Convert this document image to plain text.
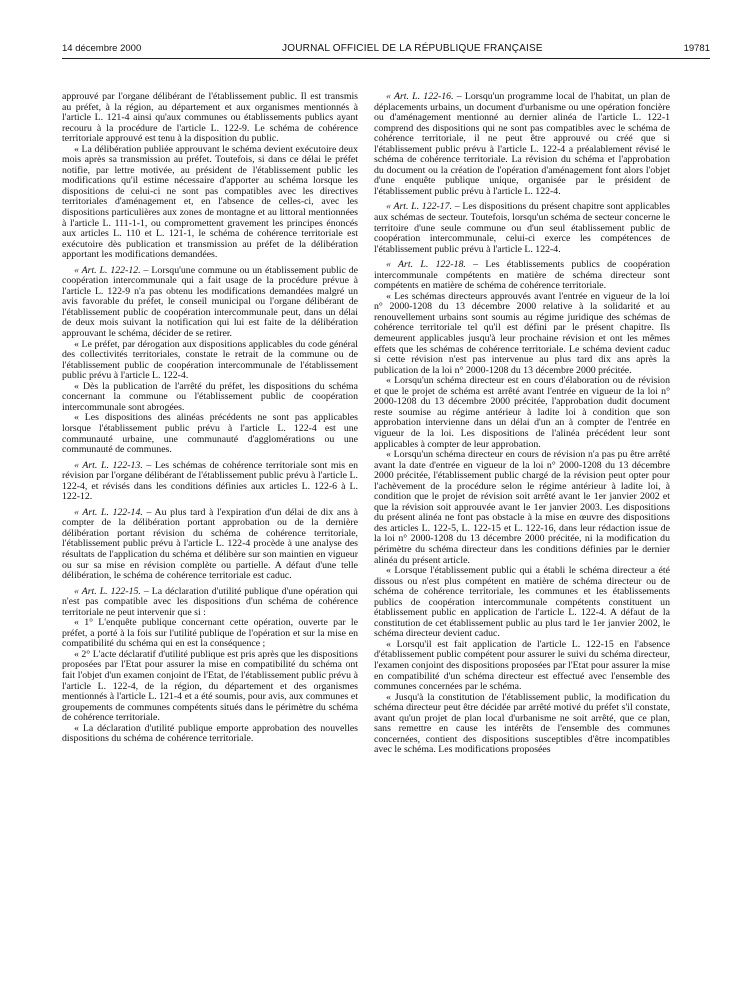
14 décembre 2000	JOURNAL OFFICIEL DE LA RÉPUBLIQUE FRANÇAISE	19781

approuvé par l'organe délibérant de l'établissement public. Il est transmis au préfet, à la région, au département et aux organismes mentionnés à l'article L. 121-4 ainsi qu'aux communes ou établissements publics ayant recouru à la procédure de l'article L. 122-9. Le schéma de cohérence territoriale approuvé est tenu à la disposition du public.

« La délibération publiée approuvant le schéma devient exécutoire deux mois après sa transmission au préfet. Toutefois, si dans ce délai le préfet notifie, par lettre motivée, au président de l'établissement public les modifications qu'il estime nécessaire d'apporter au schéma lorsque les dispositions de celui-ci ne sont pas compatibles avec les directives territoriales d'aménagement et, en l'absence de celles-ci, avec les dispositions particulières aux zones de montagne et au littoral mentionnées à l'article L. 111-1-1, ou compromettent gravement les principes énoncés aux articles L. 110 et L. 121-1, le schéma de cohérence territoriale est exécutoire dès publication et transmission au préfet de la délibération apportant les modifications demandées.

« Art. L. 122-12. – Lorsqu'une commune ou un établissement public de coopération intercommunale qui a fait usage de la procédure prévue à l'article L. 122-9 n'a pas obtenu les modifications demandées malgré un avis favorable du préfet, le conseil municipal ou l'organe délibérant de l'établissement public de coopération intercommunale peut, dans un délai de deux mois suivant la notification qui lui est faite de la délibération approuvant le schéma, décider de se retirer.

« Le préfet, par dérogation aux dispositions applicables du code général des collectivités territoriales, constate le retrait de la commune ou de l'établissement public de coopération intercommunale de l'établissement public prévu à l'article L. 122-4.

« Dès la publication de l'arrêté du préfet, les dispositions du schéma concernant la commune ou l'établissement public de coopération intercommunale sont abrogées.

« Les dispositions des alinéas précédents ne sont pas applicables lorsque l'établissement public prévu à l'article L. 122-4 est une communauté urbaine, une communauté d'agglomérations ou une communauté de communes.

« Art. L. 122-13. – Les schémas de cohérence territoriale sont mis en révision par l'organe délibérant de l'établissement public prévu à l'article L. 122-4, et révisés dans les conditions définies aux articles L. 122-6 à L. 122-12.

« Art. L. 122-14. – Au plus tard à l'expiration d'un délai de dix ans à compter de la délibération portant approbation ou de la dernière délibération portant révision du schéma de cohérence territoriale, l'établissement public prévu à l'article L. 122-4 procède à une analyse des résultats de l'application du schéma et délibère sur son maintien en vigueur ou sur sa mise en révision complète ou partielle. A défaut d'une telle délibération, le schéma de cohérence territoriale est caduc.

« Art. L. 122-15. – La déclaration d'utilité publique d'une opération qui n'est pas compatible avec les dispositions d'un schéma de cohérence territoriale ne peut intervenir que si :

« 1° L'enquête publique concernant cette opération, ouverte par le préfet, a porté à la fois sur l'utilité publique de l'opération et sur la mise en compatibilité du schéma qui en est la conséquence ;

« 2° L'acte déclaratif d'utilité publique est pris après que les dispositions proposées par l'Etat pour assurer la mise en compatibilité du schéma ont fait l'objet d'un examen conjoint de l'Etat, de l'établissement public prévu à l'article L. 122-4, de la région, du département et des organismes mentionnés à l'article L. 121-4 et a été soumis, pour avis, aux communes et groupements de communes compétents situés dans le périmètre du schéma de cohérence territoriale.

« La déclaration d'utilité publique emporte approbation des nouvelles dispositions du schéma de cohérence territoriale.

« Art. L. 122-16. – Lorsqu'un programme local de l'habitat, un plan de déplacements urbains, un document d'urbanisme ou une opération foncière ou d'aménagement mentionné au dernier alinéa de l'article L. 122-1 comprend des dispositions qui ne sont pas compatibles avec le schéma de cohérence territoriale, il ne peut être approuvé ou créé que si l'établissement public prévu à l'article L. 122-4 a préalablement révisé le schéma de cohérence territoriale. La révision du schéma et l'approbation du document ou la création de l'opération d'aménagement font alors l'objet d'une enquête publique unique, organisée par le président de l'établissement public prévu à l'article L. 122-4.

« Art. L. 122-17. – Les dispositions du présent chapitre sont applicables aux schémas de secteur. Toutefois, lorsqu'un schéma de secteur concerne le territoire d'une seule commune ou d'un seul établissement public de coopération intercommunale, celui-ci exerce les compétences de l'établissement public prévu à l'article L. 122-4.

« Art. L. 122-18. – Les établissements publics de coopération intercommunale compétents en matière de schéma directeur sont compétents en matière de schéma de cohérence territoriale.

« Les schémas directeurs approuvés avant l'entrée en vigueur de la loi n° 2000-1208 du 13 décembre 2000 relative à la solidarité et au renouvellement urbains sont soumis au régime juridique des schémas de cohérence territoriale tel qu'il est défini par le présent chapitre. Ils demeurent applicables jusqu'à leur prochaine révision et ont les mêmes effets que les schémas de cohérence territoriale. Le schéma devient caduc si cette révision n'est pas intervenue au plus tard dix ans après la publication de la loi n° 2000-1208 du 13 décembre 2000 précitée.

« Lorsqu'un schéma directeur est en cours d'élaboration ou de révision et que le projet de schéma est arrêté avant l'entrée en vigueur de la loi n° 2000-1208 du 13 décembre 2000 précitée, l'approbation dudit document reste soumise au régime antérieur à ladite loi à condition que son approbation intervienne dans un délai d'un an à compter de l'entrée en vigueur de la loi. Les dispositions de l'alinéa précédent leur sont applicables à compter de leur approbation.

« Lorsqu'un schéma directeur en cours de révision n'a pas pu être arrêté avant la date d'entrée en vigueur de la loi n° 2000-1208 du 13 décembre 2000 précitée, l'établissement public chargé de la révision peut opter pour l'achèvement de la procédure selon le régime antérieur à ladite loi, à condition que le projet de révision soit arrêté avant le 1er janvier 2002 et que la révision soit approuvée avant le 1er janvier 2003. Les dispositions du présent alinéa ne font pas obstacle à la mise en œuvre des dispositions des articles L. 122-5, L. 122-15 et L. 122-16, dans leur rédaction issue de la loi n° 2000-1208 du 13 décembre 2000 précitée, ni la modification du périmètre du schéma directeur dans les conditions définies par le dernier alinéa du présent article.

« Lorsque l'établissement public qui a établi le schéma directeur a été dissous ou n'est plus compétent en matière de schéma directeur ou de schéma de cohérence territoriale, les communes et les établissements publics de coopération intercommunale compétents constituent un établissement public en application de l'article L. 122-4. A défaut de la constitution de cet établissement public au plus tard le 1er janvier 2002, le schéma directeur devient caduc.

« Lorsqu'il est fait application de l'article L. 122-15 en l'absence d'établissement public compétent pour assurer le suivi du schéma directeur, l'examen conjoint des dispositions proposées par l'Etat pour assurer la mise en compatibilité d'un schéma directeur est effectué avec l'ensemble des communes concernées par le schéma.

« Jusqu'à la constitution de l'établissement public, la modification du schéma directeur peut être décidée par arrêté motivé du préfet s'il constate, avant qu'un projet de plan local d'urbanisme ne soit arrêté, que ce plan, sans remettre en cause les intérêts de l'ensemble des communes concernées, contient des dispositions susceptibles d'être incompatibles avec le schéma. Les modifications proposées
